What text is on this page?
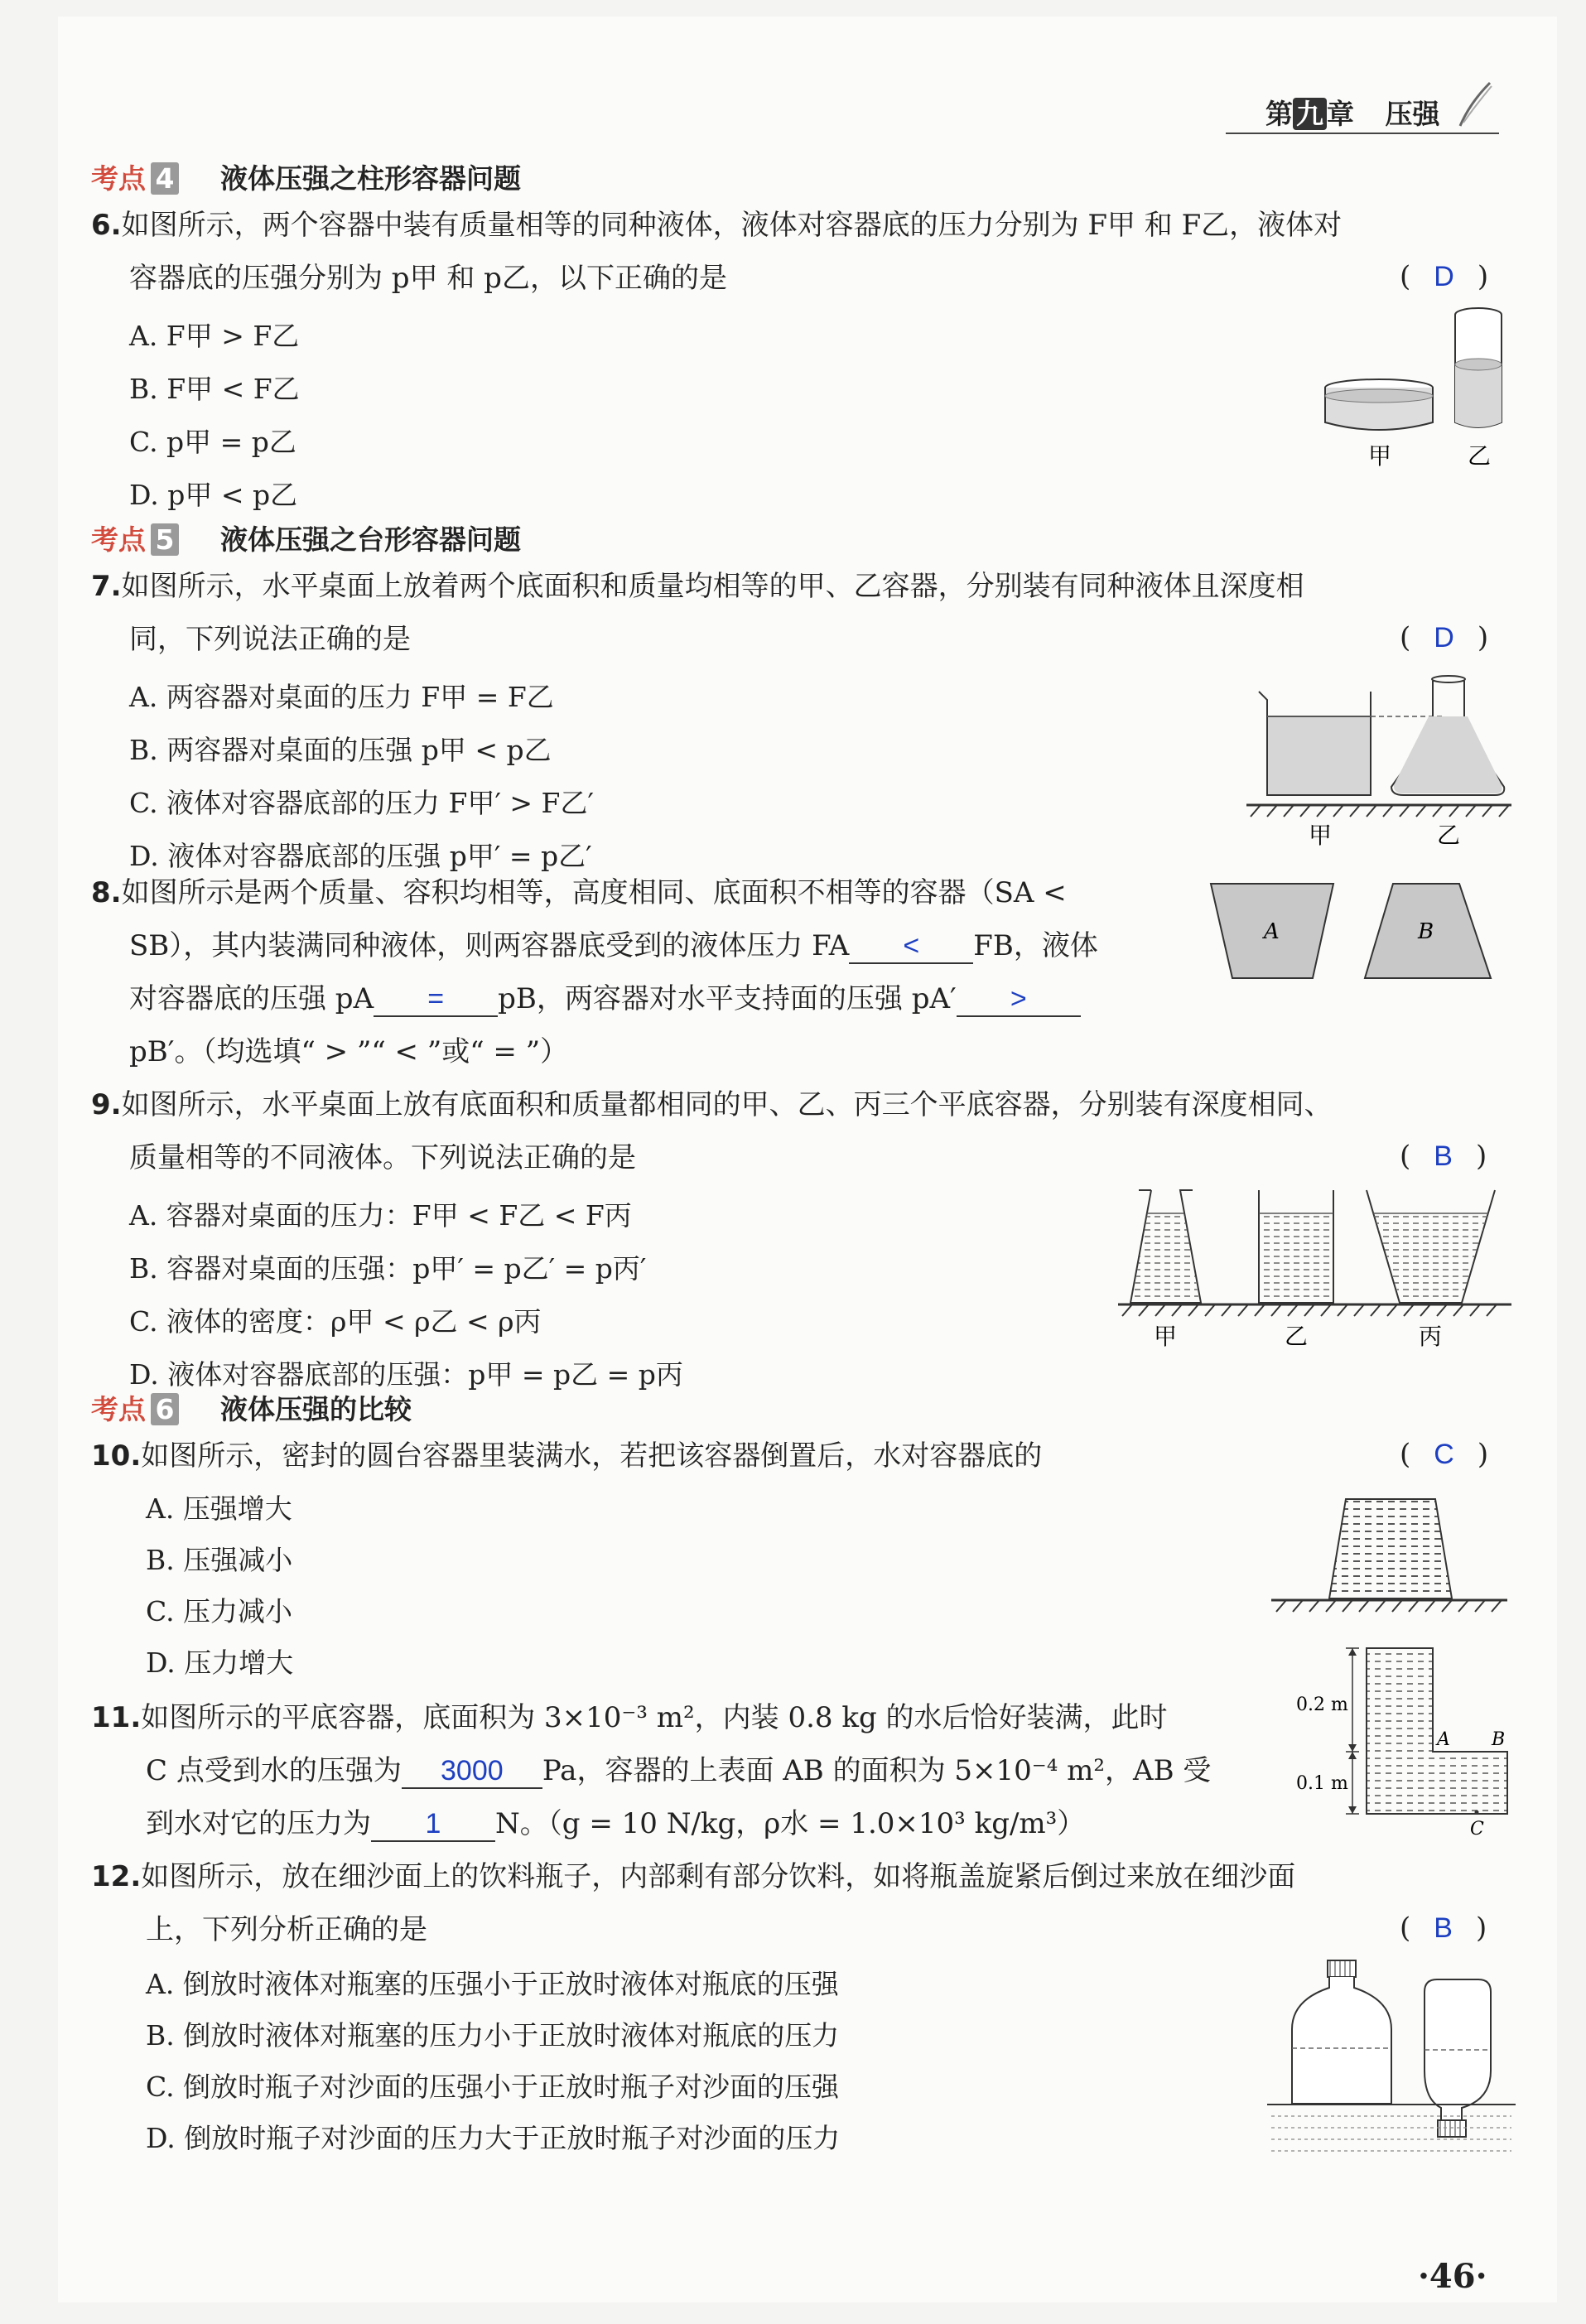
第 九 章 压强
考点 4 液体压强之柱形容器问题
6.如图所示，两个容器中装有质量相等的同种液体，液体对容器底的压力分别为 F甲 和 F乙，液体对
容器底的压强分别为 p甲 和 p乙，以下正确的是	( D )
A. F甲 > F乙
B. F甲 < F乙
C. p甲 = p乙
D. p甲 < p乙
甲	乙
考点 5 液体压强之台形容器问题
7.如图所示，水平桌面上放着两个底面积和质量均相等的甲、乙容器，分别装有同种液体且深度相
同，下列说法正确的是	( D )
A. 两容器对桌面的压力 F甲 = F乙
B. 两容器对桌面的压强 p甲 < p乙
C. 液体对容器底部的压力 F甲′ > F乙′
D. 液体对容器底部的压强 p甲′ = p乙′
甲	乙
8.如图所示是两个质量、容积均相等，高度相同、底面积不相等的容器（SA <
SB），其内装满同种液体，则两容器底受到的液体压力 FA < FB，液体
对容器底的压强 pA = pB，两容器对水平支持面的压强 pA′ >
pB′。（均选填“ > ”“ < ”或“ = ”）
A	B
9.如图所示，水平桌面上放有底面积和质量都相同的甲、乙、丙三个平底容器，分别装有深度相同、
质量相等的不同液体。下列说法正确的是	( B )
A. 容器对桌面的压力：F甲 < F乙 < F丙
B. 容器对桌面的压强：p甲′ = p乙′ = p丙′
C. 液体的密度：ρ甲 < ρ乙 < ρ丙
D. 液体对容器底部的压强：p甲 = p乙 = p丙
甲	乙	丙
考点 6 液体压强的比较
10.如图所示，密封的圆台容器里装满水，若把该容器倒置后，水对容器底的	( C )
A. 压强增大
B. 压强减小
C. 压力减小
D. 压力增大
11.如图所示的平底容器，底面积为 3×10⁻³ m²，内装 0.8 kg 的水后恰好装满，此时
C 点受到水的压强为 3000 Pa，容器的上表面 AB 的面积为 5×10⁻⁴ m²，AB 受
到水对它的压力为 1 N。（g = 10 N/kg，ρ水 = 1.0×10³ kg/m³）
0.2 m
0.1 m
A B
C
12.如图所示，放在细沙面上的饮料瓶子，内部剩有部分饮料，如将瓶盖旋紧后倒过来放在细沙面
上，下列分析正确的是	( B )
A. 倒放时液体对瓶塞的压强小于正放时液体对瓶底的压强
B. 倒放时液体对瓶塞的压力小于正放时液体对瓶底的压力
C. 倒放时瓶子对沙面的压强小于正放时瓶子对沙面的压强
D. 倒放时瓶子对沙面的压力大于正放时瓶子对沙面的压力
·46·
